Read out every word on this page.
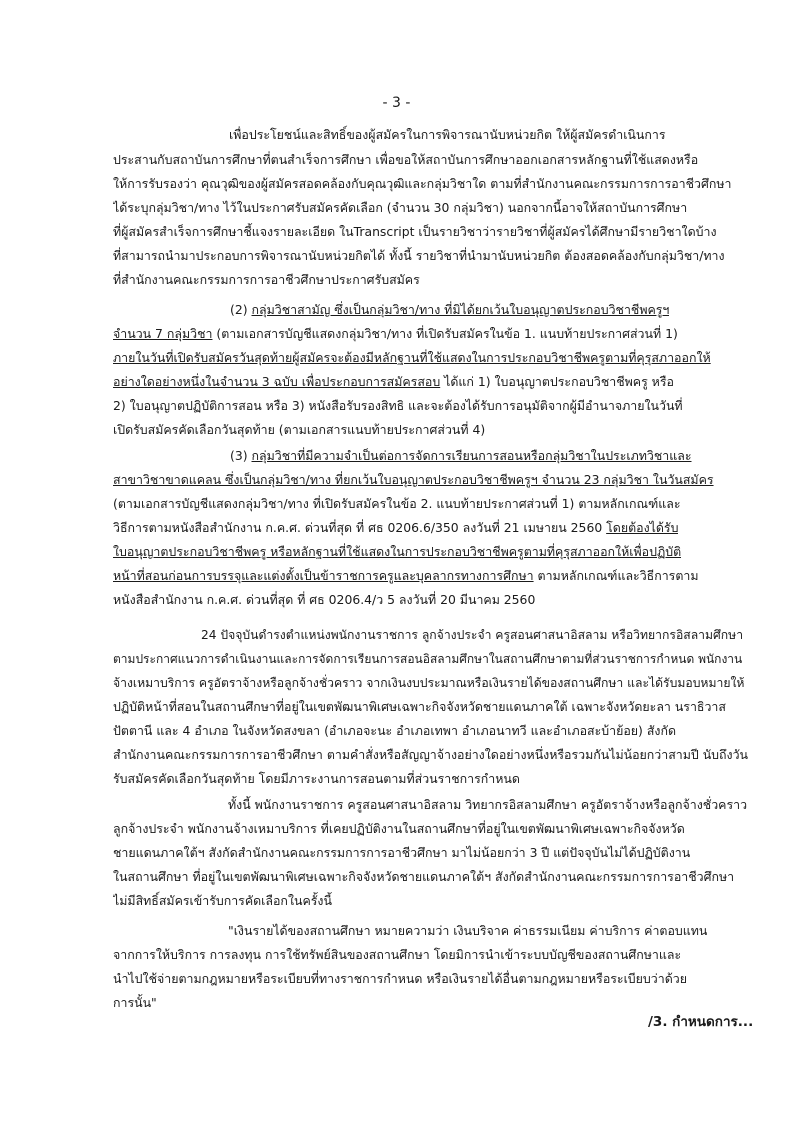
- 3 -
เพื่อประโยชน์และสิทธิ์ของผู้สมัครในการพิจารณานับหน่วยกิต ให้ผู้สมัครดำเนินการ
ประสานกับสถาบันการศึกษาที่ตนสำเร็จการศึกษา เพื่อขอให้สถาบันการศึกษาออกเอกสารหลักฐานที่ใช้แสดงหรือ
ให้การรับรองว่า คุณวุฒิของผู้สมัครสอดคล้องกับคุณวุฒิและกลุ่มวิชาใด ตามที่สำนักงานคณะกรรมการการอาชีวศึกษา
ได้ระบุกลุ่มวิชา/ทาง ไว้ในประกาศรับสมัครคัดเลือก (จำนวน 30 กลุ่มวิชา) นอกจากนี้อาจให้สถาบันการศึกษา
ที่ผู้สมัครสำเร็จการศึกษาชี้แจงรายละเอียด ในTranscript เป็นรายวิชาว่ารายวิชาที่ผู้สมัครได้ศึกษามีรายวิชาใดบ้าง
ที่สามารถนำมาประกอบการพิจารณานับหน่วยกิตได้ ทั้งนี้ รายวิชาที่นำมานับหน่วยกิต ต้องสอดคล้องกับกลุ่มวิชา/ทาง
ที่สำนักงานคณะกรรมการการอาชีวศึกษาประกาศรับสมัคร
(2) กลุ่มวิชาสามัญ ซึ่งเป็นกลุ่มวิชา/ทาง ที่มิได้ยกเว้นใบอนุญาตประกอบวิชาชีพครูฯ
จำนวน 7 กลุ่มวิชา (ตามเอกสารบัญชีแสดงกลุ่มวิชา/ทาง ที่เปิดรับสมัครในข้อ 1. แนบท้ายประกาศส่วนที่ 1)
ภายในวันที่เปิดรับสมัครวันสุดท้ายผู้สมัครจะต้องมีหลักฐานที่ใช้แสดงในการประกอบวิชาชีพครูตามที่คุรุสภาออกให้
อย่างใดอย่างหนึ่งในจำนวน 3 ฉบับ เพื่อประกอบการสมัครสอบ ได้แก่ 1) ใบอนุญาตประกอบวิชาชีพครู หรือ
2) ใบอนุญาตปฏิบัติการสอน หรือ 3) หนังสือรับรองสิทธิ และจะต้องได้รับการอนุมัติจากผู้มีอำนาจภายในวันที่
เปิดรับสมัครคัดเลือกวันสุดท้าย (ตามเอกสารแนบท้ายประกาศส่วนที่ 4)
(3) กลุ่มวิชาที่มีความจำเป็นต่อการจัดการเรียนการสอนหรือกลุ่มวิชาในประเภทวิชาและ
สาขาวิชาขาดแคลน ซึ่งเป็นกลุ่มวิชา/ทาง ที่ยกเว้นใบอนุญาตประกอบวิชาชีพครูฯ จำนวน 23 กลุ่มวิชา ในวันสมัคร
(ตามเอกสารบัญชีแสดงกลุ่มวิชา/ทาง ที่เปิดรับสมัครในข้อ 2. แนบท้ายประกาศส่วนที่ 1) ตามหลักเกณฑ์และ
วิธีการตามหนังสือสำนักงาน ก.ค.ศ. ด่วนที่สุด ที่ ศธ 0206.6/350 ลงวันที่ 21 เมษายน 2560 โดยต้องได้รับ
ใบอนุญาตประกอบวิชาชีพครู หรือหลักฐานที่ใช้แสดงในการประกอบวิชาชีพครูตามที่คุรุสภาออกให้เพื่อปฏิบัติ
หน้าที่สอนก่อนการบรรจุและแต่งตั้งเป็นข้าราชการครูและบุคลากรทางการศึกษา ตามหลักเกณฑ์และวิธีการตาม
หนังสือสำนักงาน ก.ค.ศ. ด่วนที่สุด ที่ ศธ 0206.4/ว 5 ลงวันที่ 20 มีนาคม 2560
24 ปัจจุบันดำรงตำแหน่งพนักงานราชการ ลูกจ้างประจำ ครูสอนศาสนาอิสลาม หรือวิทยากรอิสลามศึกษา
ตามประกาศแนวการดำเนินงานและการจัดการเรียนการสอนอิสลามศึกษาในสถานศึกษาตามที่ส่วนราชการกำหนด พนักงาน
จ้างเหมาบริการ ครูอัตราจ้างหรือลูกจ้างชั่วคราว จากเงินงบประมาณหรือเงินรายได้ของสถานศึกษา และได้รับมอบหมายให้
ปฏิบัติหน้าที่สอนในสถานศึกษาที่อยู่ในเขตพัฒนาพิเศษเฉพาะกิจจังหวัดชายแดนภาคใต้ เฉพาะจังหวัดยะลา นราธิวาส
ปัตตานี และ 4 อำเภอ ในจังหวัดสงขลา (อำเภอจะนะ อำเภอเทพา อำเภอนาทวี และอำเภอสะบ้าย้อย) สังกัด
สำนักงานคณะกรรมการการอาชีวศึกษา ตามคำสั่งหรือสัญญาจ้างอย่างใดอย่างหนึ่งหรือรวมกันไม่น้อยกว่าสามปี นับถึงวัน
รับสมัครคัดเลือกวันสุดท้าย โดยมีภาระงานการสอนตามที่ส่วนราชการกำหนด
ทั้งนี้ พนักงานราชการ ครูสอนศาสนาอิสลาม วิทยากรอิสลามศึกษา ครูอัตราจ้างหรือลูกจ้างชั่วคราว
ลูกจ้างประจำ พนักงานจ้างเหมาบริการ ที่เคยปฏิบัติงานในสถานศึกษาที่อยู่ในเขตพัฒนาพิเศษเฉพาะกิจจังหวัด
ชายแดนภาคใต้ฯ สังกัดสำนักงานคณะกรรมการการอาชีวศึกษา มาไม่น้อยกว่า 3 ปี แต่ปัจจุบันไม่ได้ปฏิบัติงาน
ในสถานศึกษา ที่อยู่ในเขตพัฒนาพิเศษเฉพาะกิจจังหวัดชายแดนภาคใต้ฯ สังกัดสำนักงานคณะกรรมการการอาชีวศึกษา
ไม่มีสิทธิ์สมัครเข้ารับการคัดเลือกในครั้งนี้
"เงินรายได้ของสถานศึกษา หมายความว่า เงินบริจาค ค่าธรรมเนียม ค่าบริการ ค่าตอบแทน
จากการให้บริการ การลงทุน การใช้ทรัพย์สินของสถานศึกษา โดยมิการนำเข้าระบบบัญชีของสถานศึกษาและ
นำไปใช้จ่ายตามกฎหมายหรือระเบียบที่ทางราชการกำหนด หรือเงินรายได้อื่นตามกฎหมายหรือระเบียบว่าด้วย
การนั้น"
/3. กำหนดการ...
